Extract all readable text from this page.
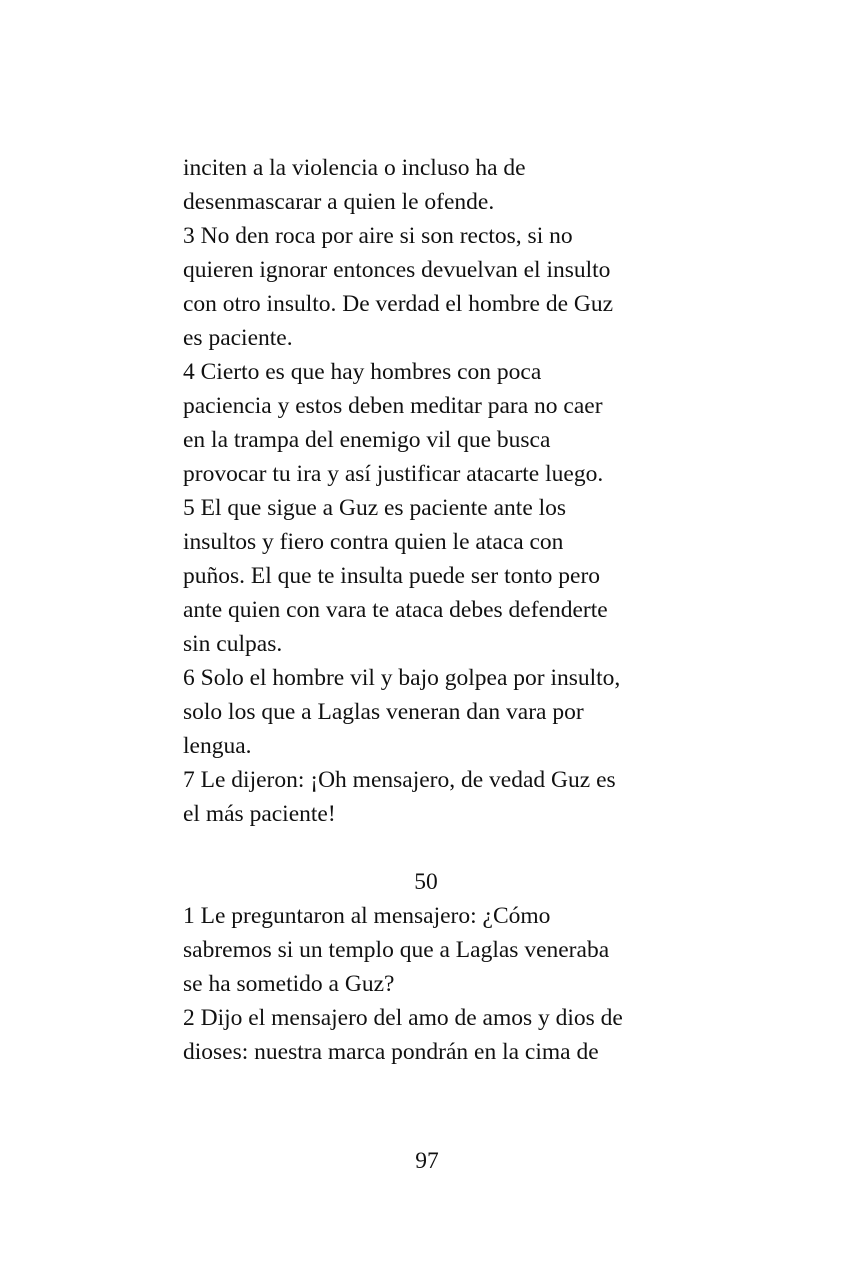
inciten a la violencia o incluso ha de
desenmascarar a quien le ofende.
3 No den roca por aire si son rectos, si no
quieren ignorar entonces devuelvan el insulto
con otro insulto. De verdad el hombre de Guz
es paciente.
4 Cierto es que hay hombres con poca
paciencia y estos deben meditar para no caer
en la trampa del enemigo vil que busca
provocar tu ira y así justificar atacarte luego.
5 El que sigue a Guz es paciente ante los
insultos y fiero contra quien le ataca con
puños. El que te insulta puede ser tonto pero
ante quien con vara te ataca debes defenderte
sin culpas.
6 Solo el hombre vil y bajo golpea por insulto,
solo los que a Laglas veneran dan vara por
lengua.
7 Le dijeron: ¡Oh mensajero, de vedad Guz es
el más paciente!
50
1 Le preguntaron al mensajero: ¿Cómo
sabremos si un templo que a Laglas veneraba
se ha sometido a Guz?
2 Dijo el mensajero del amo de amos y dios de
dioses: nuestra marca pondrán en la cima de
97
